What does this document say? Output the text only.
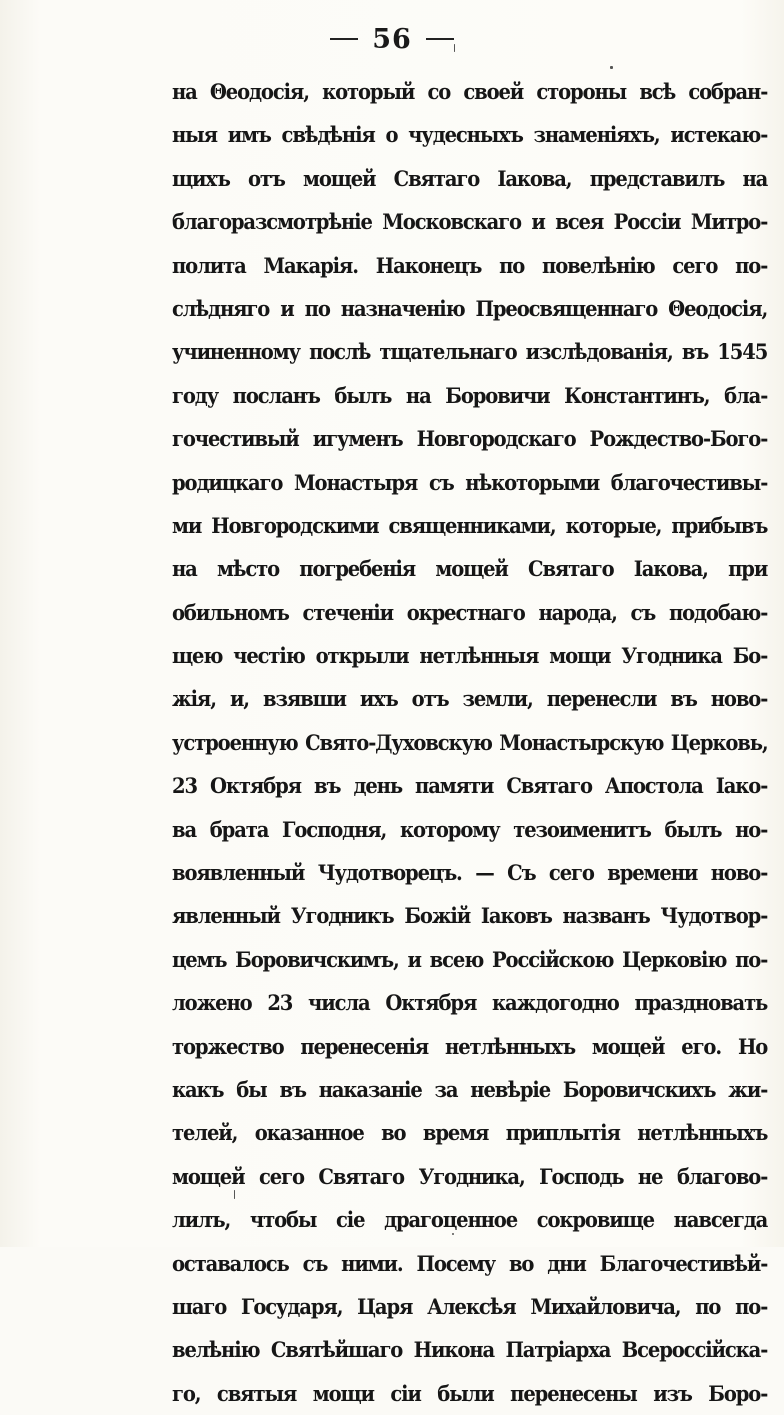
56
на Θеодосія, который со своей стороны всѣ собран-
ныя имъ свѣдѣнія о чудесныхъ знаменіяхъ, истекаю-
щихъ отъ мощей Святаго Іакова, представилъ на
благоразсмотрѣніе Московскаго и всея Россіи Митро-
полита Макарія. Наконецъ по повелѣнію сего по-
слѣдняго и по назначенію Преосвященнаго Θеодосія,
учиненному послѣ тщательнаго изслѣдованія, въ 1545
году посланъ былъ на Боровичи Константинъ, бла-
гочестивый игуменъ Новгородскаго Рождество-Бого-
родицкаго Монастыря съ нѣкоторыми благочестивы-
ми Новгородскими священниками, которые, прибывъ
на мѣсто погребенія мощей Святаго Іакова, при
обильномъ стеченіи окрестнаго народа, съ подобаю-
щею честію открыли нетлѣнныя мощи Угодника Бо-
жія, и, взявши ихъ отъ земли, перенесли въ ново-
устроенную Свято-Духовскую Монастырскую Церковь,
23 Октября въ день памяти Святаго Апостола Іако-
ва брата Господня, которому тезоименитъ былъ но-
воявленный Чудотворецъ. — Съ сего времени ново-
явленный Угодникъ Божій Іаковъ названъ Чудотвор-
цемъ Боровичскимъ, и всею Россійскою Церковію по-
ложено 23 числа Октября каждогодно праздновать
торжество перенесенія нетлѣнныхъ мощей его. Но
какъ бы въ наказаніе за невѣріе Боровичскихъ жи-
телей, оказанное во время приплытія нетлѣнныхъ
мощей сего Святаго Угодника, Господь не благово-
лилъ, чтобы сіе драгоценное сокровище навсегда
оставалось съ ними. Посему во дни Благочестивѣй-
шаго Государя, Царя Алексѣя Михайловича, по по-
велѣнію Святѣйшаго Никона Патріарха Всероссійска-
го, святыя мощи сіи были перенесены изъ Боро-
